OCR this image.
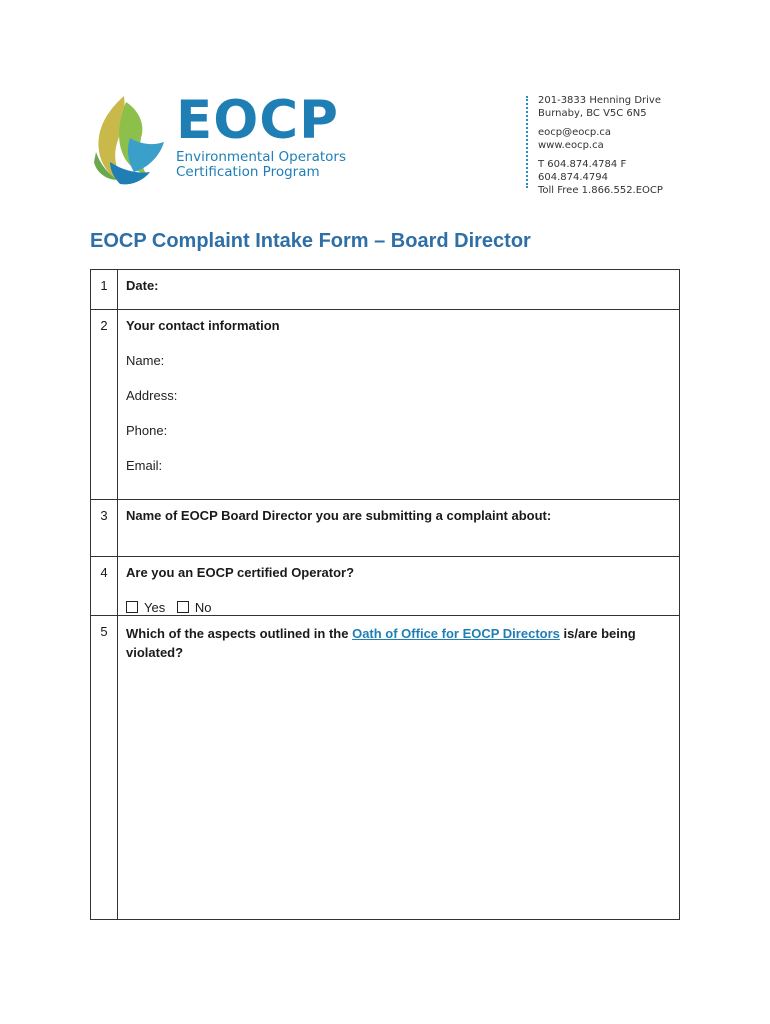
EOCP
Environmental Operators
Certification Program
201-3833 Henning Drive
Burnaby, BC V5C 6N5
eocp@eocp.ca
www.eocp.ca
T 604.874.4784 F 604.874.4794
Toll Free 1.866.552.EOCP
EOCP Complaint Intake Form – Board Director
1	Date:
2	Your contact information
Name:
Address:
Phone:
Email:

3	Name of EOCP Board Director you are submitting a complaint about:
4	Are you an EOCP certified Operator?
Yes No

5	Which of the aspects outlined in the Oath of Office for EOCP Directors is/are being violated?
